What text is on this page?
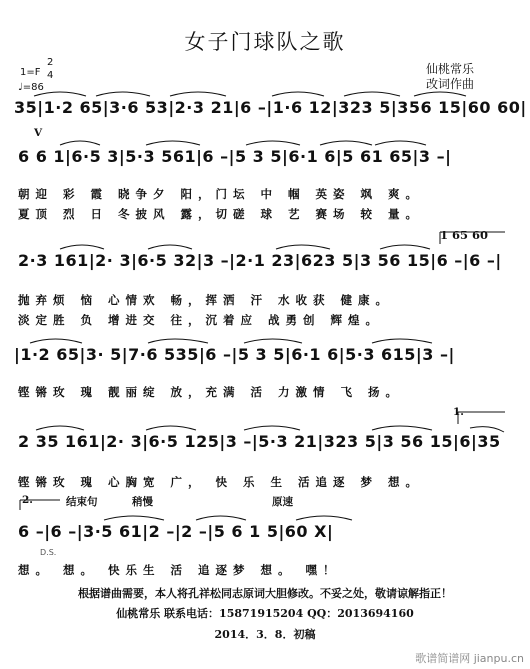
女子门球队之歌
仙桃常乐
改词作曲
1=F
2
4
♩=86
35|1·2 65|3·6 53|2·3 21|6 –|1·6 12|323 5|356 15|60 60|
V
6 6 1|6·5 3|5·3 561|6 –|5 3 5|6·1 6|5 61 65|3 –|
朝迎 彩 霞 晓争夕 阳，门坛 中 帼 英姿 飒 爽。
夏顶 烈 日 冬披风 露，切磋 球 艺 赛场 较 量。
1 65 60
2·3 161|2· 3|6·5 32|3 –|2·1 23|623 5|3 56 15|6 –|6 –|
抛弃烦 恼 心情欢 畅，挥洒 汗 水收获 健康。
淡定胜 负 增进交 往，沉着应 战勇创 辉煌。
|1·2 65|3· 5|7·6 535|6 –|5 3 5|6·1 6|5·3 615|3 –|
铿锵玫 瑰 靓丽绽 放，充满 活 力激情 飞 扬。
1.
2 35 161|2· 3|6·5 125|3 –|5·3 21|323 5|3 56 15|6|35
铿锵玫 瑰 心胸宽 广， 快 乐 生 活追逐 梦 想。
2.	结束句	稍慢	原速
6 –|6 –|3·5 61|2 –|2 –|5 6 1 5|60 X|
D.S.
想。 想。 快乐生 活 追逐梦 想。 嘿！
根据谱曲需要，本人将孔祥松同志原词大胆修改。不妥之处，敬请谅解指正！
仙桃常乐 联系电话：15871915204 QQ：2013694160
2014．3．8．初稿
歌谱简谱网 jianpu.cn
